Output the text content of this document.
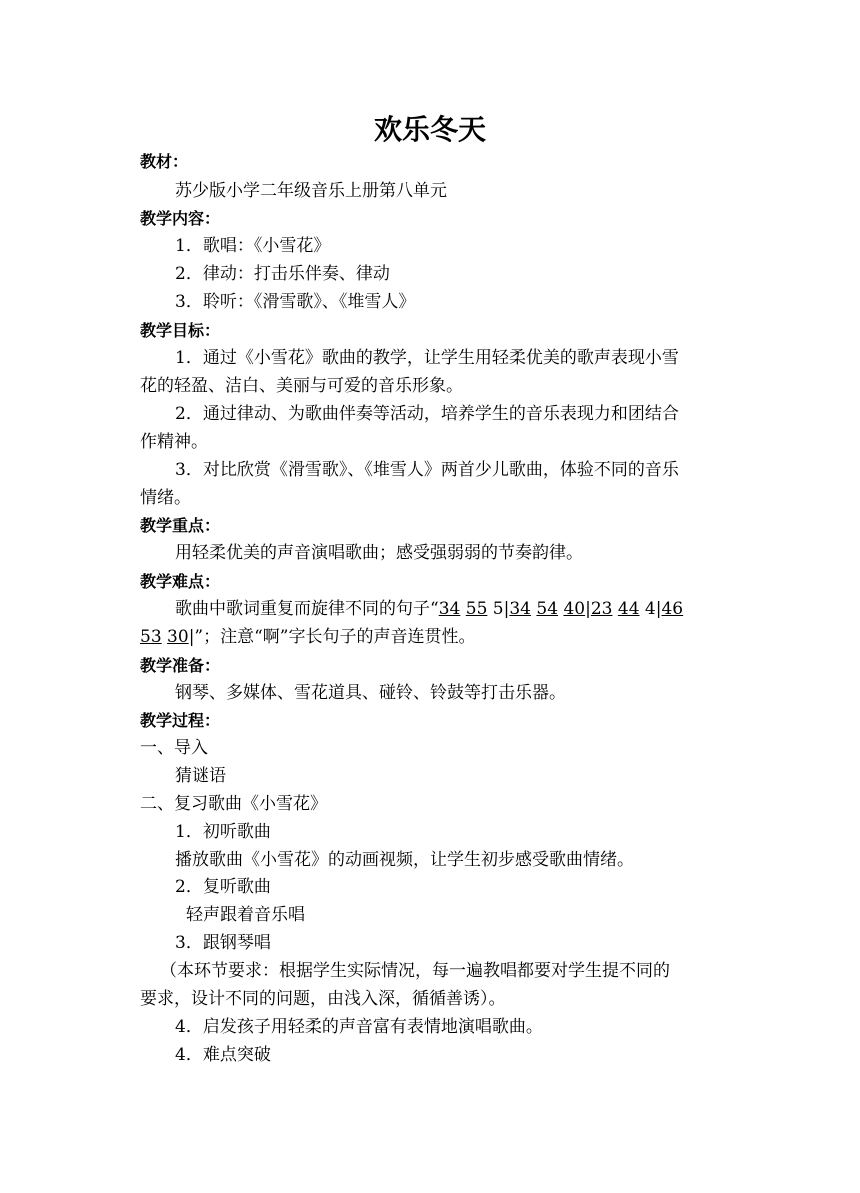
欢乐冬天
教材：
苏少版小学二年级音乐上册第八单元
教学内容：
1．歌唱：《小雪花》
2．律动：打击乐伴奏、律动
3．聆听：《滑雪歌》、《堆雪人》
教学目标：
1．通过《小雪花》歌曲的教学，让学生用轻柔优美的歌声表现小雪
花的轻盈、洁白、美丽与可爱的音乐形象。
2．通过律动、为歌曲伴奏等活动，培养学生的音乐表现力和团结合
作精神。
3．对比欣赏《滑雪歌》、《堆雪人》两首少儿歌曲，体验不同的音乐
情绪。
教学重点：
用轻柔优美的声音演唱歌曲；感受强弱弱的节奏韵律。
教学难点：
歌曲中歌词重复而旋律不同的句子“34 55 5|34 54 40|23 44 4|46
53 30|”；注意“啊”字长句子的声音连贯性。
教学准备：
钢琴、多媒体、雪花道具、碰铃、铃鼓等打击乐器。
教学过程：
一、导入
猜谜语
二、复习歌曲《小雪花》
1．初听歌曲
播放歌曲《小雪花》的动画视频，让学生初步感受歌曲情绪。
2．复听歌曲
轻声跟着音乐唱
3．跟钢琴唱
（本环节要求：根据学生实际情况，每一遍教唱都要对学生提不同的
要求，设计不同的问题，由浅入深，循循善诱）。
4．启发孩子用轻柔的声音富有表情地演唱歌曲。
4．难点突破
